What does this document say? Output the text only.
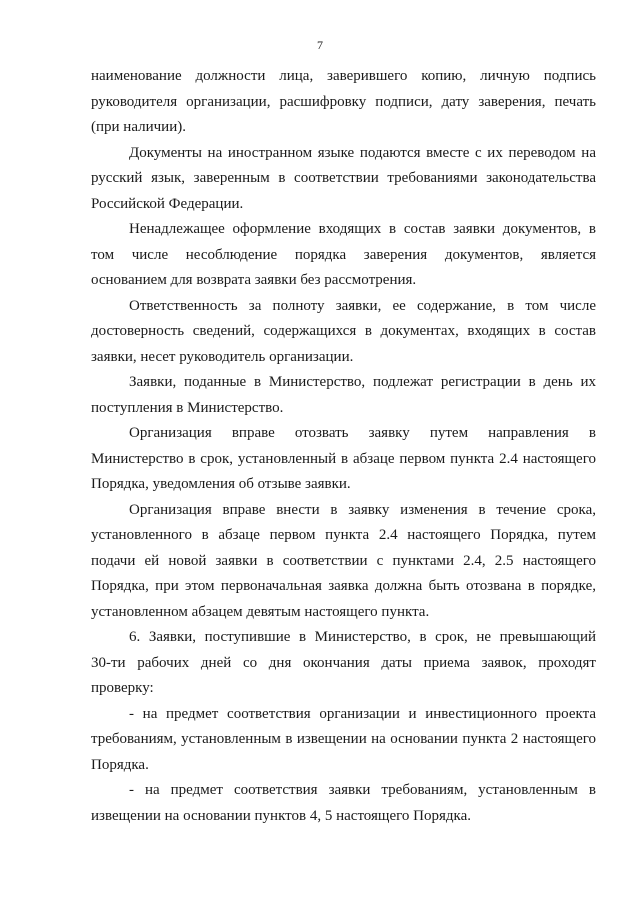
7
наименование должности лица, заверившего копию, личную подпись
руководителя организации, расшифровку подписи, дату заверения, печать
(при наличии).
Документы на иностранном языке подаются вместе с их переводом на
русский язык, заверенным в соответствии требованиями законодательства
Российской Федерации.
Ненадлежащее оформление входящих в состав заявки документов, в
том числе несоблюдение порядка заверения документов, является
основанием для возврата заявки без рассмотрения.
Ответственность за полноту заявки, ее содержание, в том числе
достоверность сведений, содержащихся в документах, входящих в состав
заявки, несет руководитель организации.
Заявки, поданные в Министерство, подлежат регистрации в день их
поступления в Министерство.
Организация вправе отозвать заявку путем направления в
Министерство в срок, установленный в абзаце первом пункта 2.4 настоящего
Порядка, уведомления об отзыве заявки.
Организация вправе внести в заявку изменения в течение срока,
установленного в абзаце первом пункта 2.4 настоящего Порядка, путем
подачи ей новой заявки в соответствии с пунктами 2.4, 2.5 настоящего
Порядка, при этом первоначальная заявка должна быть отозвана в порядке,
установленном абзацем девятым настоящего пункта.
6. Заявки, поступившие в Министерство, в срок, не превышающий
30-ти рабочих дней со дня окончания даты приема заявок, проходят
проверку:
- на предмет соответствия организации и инвестиционного проекта
требованиям, установленным в извещении на основании пункта 2 настоящего
Порядка.
- на предмет соответствия заявки требованиям, установленным в
извещении на основании пунктов 4, 5 настоящего Порядка.
